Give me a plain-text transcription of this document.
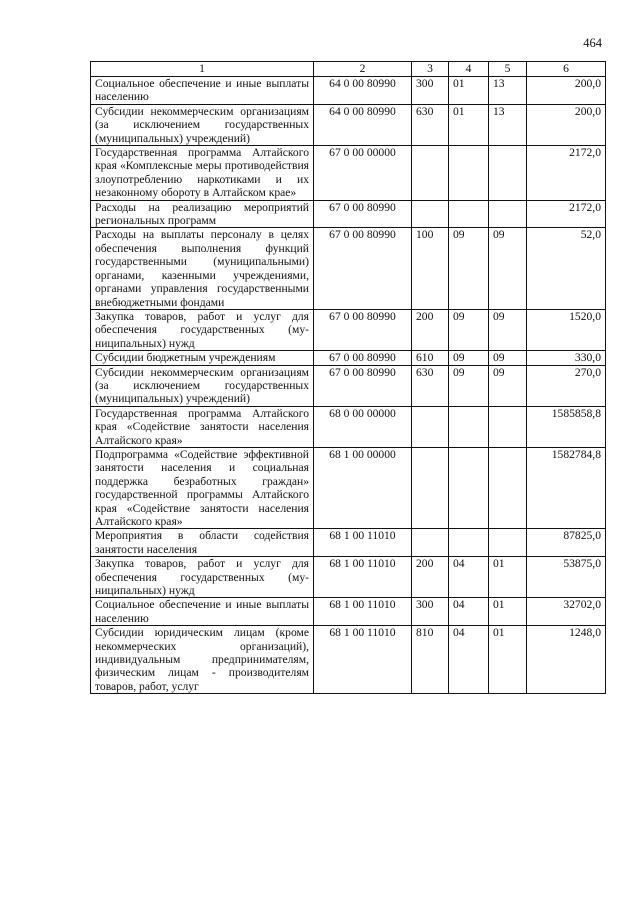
464
1	2	3	4	5	6
Социальное обеспечение и иные выплаты населению	64 0 00 80990	300	01	13	200,0
Субсидии некоммерческим организациям (за исключением государственных (муниципальных) учреждений)	64 0 00 80990	630	01	13	200,0
Государственная программа Алтайского края «Комплексные меры противодействия злоупотреблению наркотиками и их незаконному обороту в Алтайском крае»	67 0 00 00000				2172,0
Расходы на реализацию мероприятий региональных программ	67 0 00 80990				2172,0
Расходы на выплаты персоналу в целях обеспечения выполнения функций государственными (муниципальными) органами, казенными учреждениями, органами управления государственными внебюджетными фондами	67 0 00 80990	100	09	09	52,0
Закупка товаров, работ и услуг для обеспечения государственных (муниципальных) нужд	67 0 00 80990	200	09	09	1520,0
Субсидии бюджетным учреждениям	67 0 00 80990	610	09	09	330,0
Субсидии некоммерческим организациям (за исключением государственных (муниципальных) учреждений)	67 0 00 80990	630	09	09	270,0
Государственная программа Алтайского края «Содействие занятости населения Алтайского края»	68 0 00 00000				1585858,8
Подпрограмма «Содействие эффективной занятости населения и социальная поддержка безработных граждан» государственной программы Алтайского края «Содействие занятости населения Алтайского края»	68 1 00 00000				1582784,8
Мероприятия в области содействия занятости населения	68 1 00 11010				87825,0
Закупка товаров, работ и услуг для обеспечения государственных (муниципальных) нужд	68 1 00 11010	200	04	01	53875,0
Социальное обеспечение и иные выплаты населению	68 1 00 11010	300	04	01	32702,0
Субсидии юридическим лицам (кроме некоммерческих организаций), индивидуальным предпринимателям, физическим лицам - производителям товаров, работ, услуг	68 1 00 11010	810	04	01	1248,0
